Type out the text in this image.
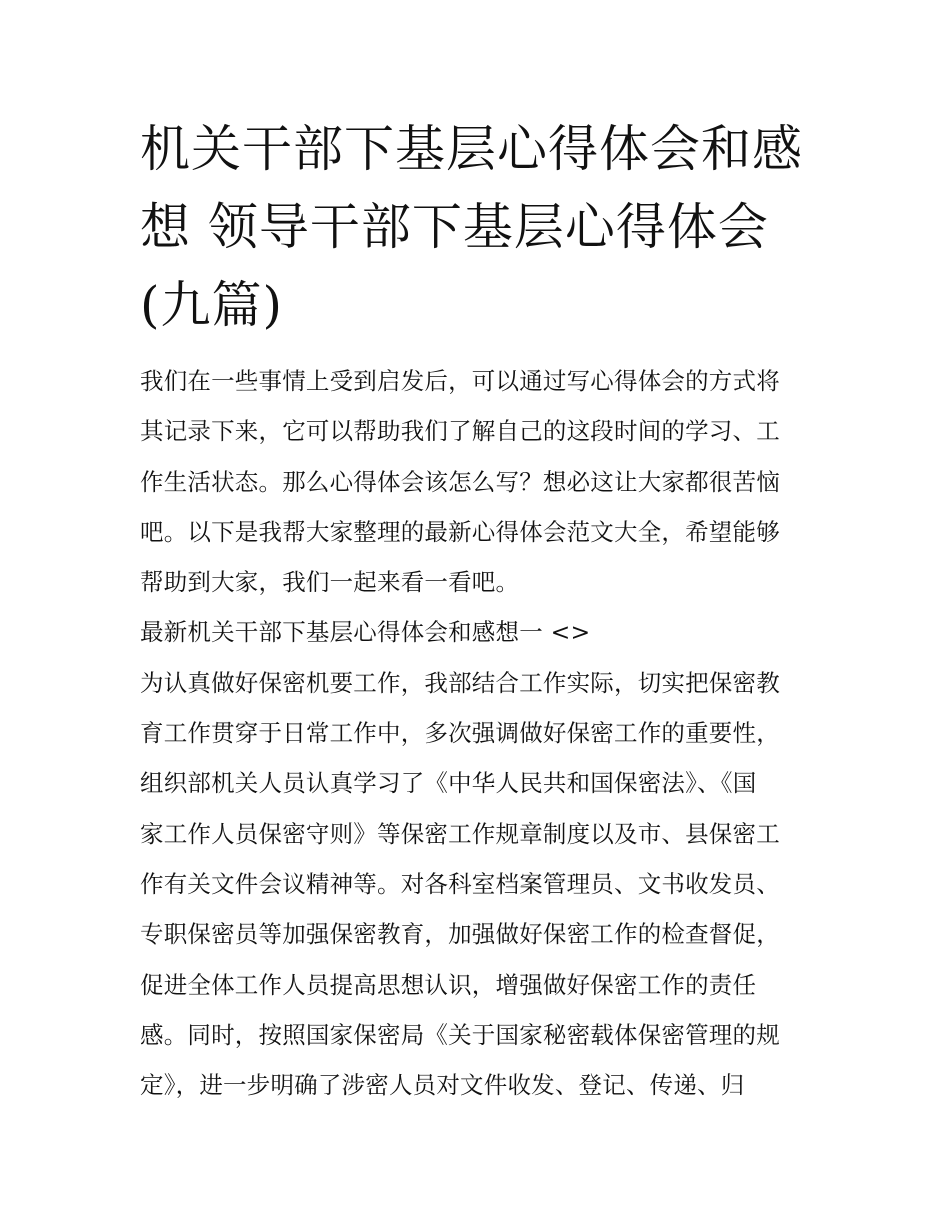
机关干部下基层心得体会和感
想 领导干部下基层心得体会
(九篇)
我们在一些事情上受到启发后，可以通过写心得体会的方式将
其记录下来，它可以帮助我们了解自己的这段时间的学习、工
作生活状态。那么心得体会该怎么写？想必这让大家都很苦恼
吧。以下是我帮大家整理的最新心得体会范文大全，希望能够
帮助到大家，我们一起来看一看吧。
最新机关干部下基层心得体会和感想一 <>
为认真做好保密机要工作，我部结合工作实际，切实把保密教
育工作贯穿于日常工作中，多次强调做好保密工作的重要性，
组织部机关人员认真学习了《中华人民共和国保密法》、《国
家工作人员保密守则》等保密工作规章制度以及市、县保密工
作有关文件会议精神等。对各科室档案管理员、文书收发员、
专职保密员等加强保密教育，加强做好保密工作的检查督促，
促进全体工作人员提高思想认识，增强做好保密工作的责任
感。同时，按照国家保密局《关于国家秘密载体保密管理的规
定》，进一步明确了涉密人员对文件收发、登记、传递、归
